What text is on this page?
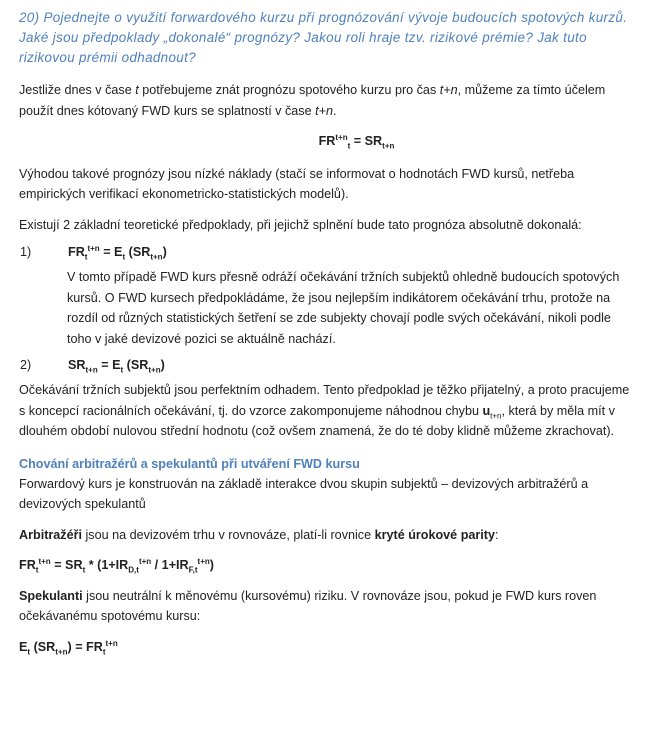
20) Pojednejte o využití forwardového kurzu při prognózování vývoje budoucích spotových kurzů. Jaké jsou předpoklady „dokonalé“ prognózy? Jakou roli hraje tzv. rizikové prémie? Jak tuto rizikovou prémii odhadnout?

Jestliže dnes v čase t potřebujeme znát prognózu spotového kurzu pro čas t+n, můžeme za tímto účelem použít dnes kótovaný FWD kurs se splatností v čase t+n.

$FR^{t+n}_t = SR_{t+n}$

Výhodou takové prognózy jsou nízké náklady (stačí se informovat o hodnotách FWD kursů, netřeba empirických verifikací ekonometricko-statistických modelů).

Existují 2 základní teoretické předpoklady, při jejichž splnění bude tato prognóza absolutně dokonalá:

1)	$FR_t^{t+n} = E_t$ $(SR_{t+n})$

V tomto případě FWD kurs přesně odráží očekávání tržních subjektů ohledně budoucích spotových kursů. O FWD kursech předpokládáme, že jsou nejlepším indikátorem očekávání trhu, protože na rozdíl od různých statistických šetření se zde subjekty chovají podle svých očekávání, nikoli podle toho v jaké devizové pozici se aktuálně nachází.

2)	$SR_{t+n} = E_t$ $(SR_{t+n})$

Očekávání tržních subjektů jsou perfektním odhadem. Tento předpoklad je těžko přijatelný, a proto pracujeme s koncepcí racionálních očekávání, tj. do vzorce zakomponujeme náhodnou chybu $u_{t+n}$, která by měla mít v dlouhém období nulovou střední hodnotu (což ovšem znamená, že do té doby klidně můžeme zkrachovat).

Chování arbitražérů a spekulantů při utváření FWD kursu

Forwardový kurs je konstruován na základě interakce dvou skupin subjektů – devizových arbitražérů a devizových spekulantů

Arbitražéři jsou na devizovém trhu v rovnováze, platí-li rovnice kryté úrokové parity:

$FR_t^{t+n} = SR_t * (1+IR_{D,t}^{t+n} / 1+IR_{F,t}^{t+n})$

Spekulanti jsou neutrální k měnovému (kursovému) riziku. V rovnováze jsou, pokud je FWD kurs roven očekávanému spotovému kursu:

$E_t$ $(SR_{t+n}) = FR_t^{t+n}$
